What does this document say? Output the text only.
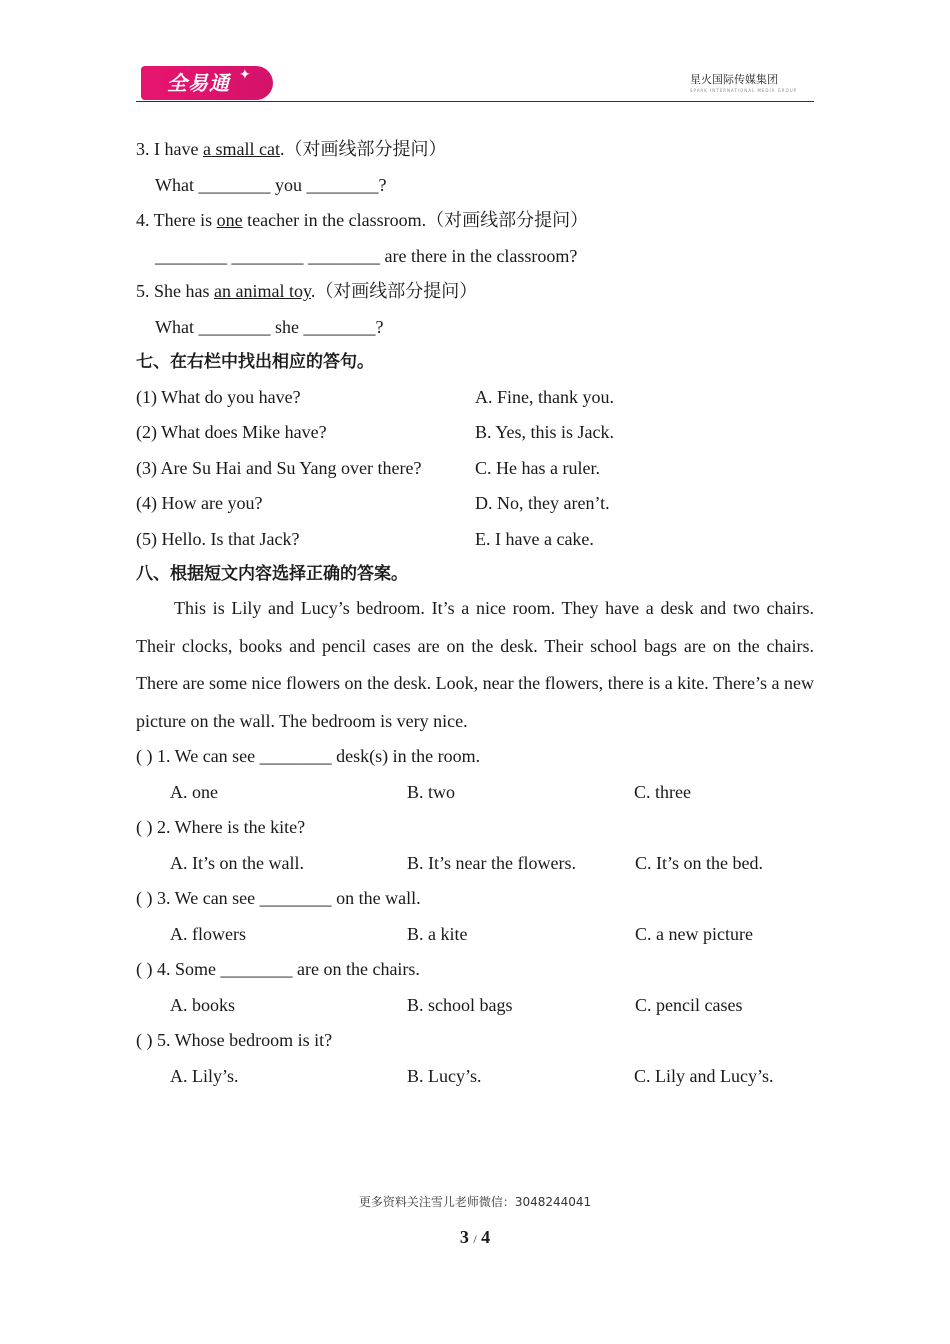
全易通 ✦	星火国际传媒集团
SPARK INTERNATIONAL MEDIA GROUP
3. I have a small cat.（对画线部分提问）
What ________ you ________?
4. There is one teacher in the classroom.（对画线部分提问）
________ ________ ________ are there in the classroom?
5. She has an animal toy.（对画线部分提问）
What ________ she ________?
七、在右栏中找出相应的答句。
(1) What do you have?	A. Fine, thank you.
(2) What does Mike have?	B. Yes, this is Jack.
(3) Are Su Hai and Su Yang over there?	C. He has a ruler.
(4) How are you?	D. No, they aren’t.
(5) Hello. Is that Jack?	E. I have a cake.
八、根据短文内容选择正确的答案。

This is Lily and Lucy’s bedroom. It’s a nice room. They have a desk and two chairs. Their clocks, books and pencil cases are on the desk. Their school bags are on the chairs. There are some nice flowers on the desk. Look, near the flowers, there is a kite. There’s a new picture on the wall. The bedroom is very nice.

( ) 1. We can see ________ desk(s) in the room.
A. one	B. two	C. three
( ) 2. Where is the kite?
A. It’s on the wall.	B. It’s near the flowers.	C. It’s on the bed.
( ) 3. We can see ________ on the wall.
A. flowers	B. a kite	C. a new picture
( ) 4. Some ________ are on the chairs.
A. books	B. school bags	C. pencil cases
( ) 5. Whose bedroom is it?
A. Lily’s.	B. Lucy’s.	C. Lily and Lucy’s.
更多资料关注雪儿老师微信：3048244041
3 / 4
